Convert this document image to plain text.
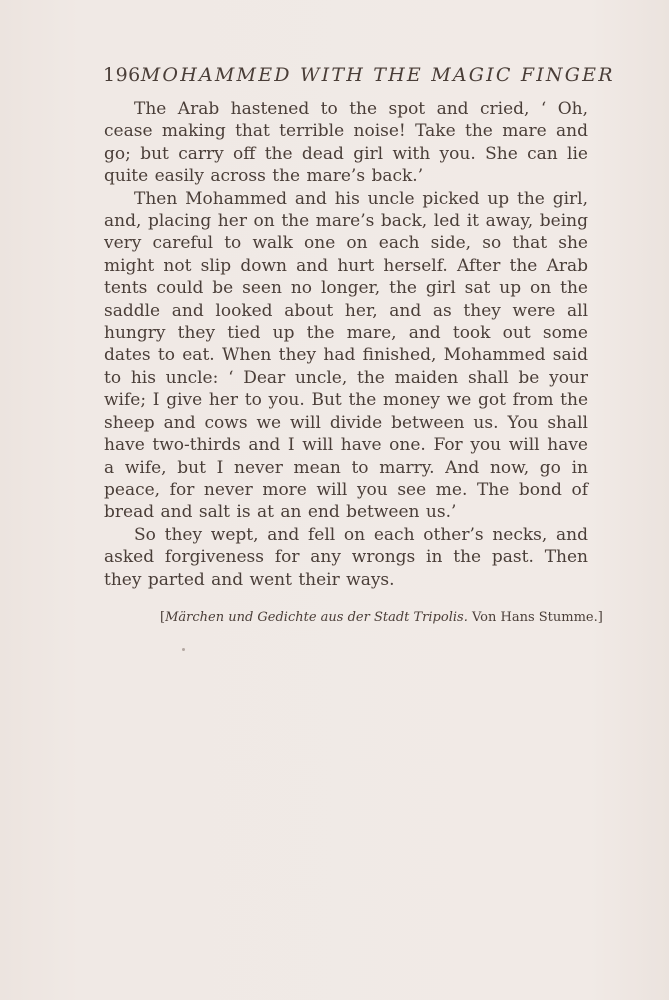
196 MOHAMMED WITH THE MAGIC FINGER

The Arab hastened to the spot and cried, ‘ Oh, cease making that terrible noise! Take the mare and go; but carry off the dead girl with you. She can lie quite easily across the mare’s back.’

Then Mohammed and his uncle picked up the girl, and, placing her on the mare’s back, led it away, being very careful to walk one on each side, so that she might not slip down and hurt herself. After the Arab tents could be seen no longer, the girl sat up on the saddle and looked about her, and as they were all hungry they tied up the mare, and took out some dates to eat. When they had finished, Mohammed said to his uncle: ‘ Dear uncle, the maiden shall be your wife; I give her to you. But the money we got from the sheep and cows we will divide between us. You shall have two-thirds and I will have one. For you will have a wife, but I never mean to marry. And now, go in peace, for never more will you see me. The bond of bread and salt is at an end between us.’

So they wept, and fell on each other’s necks, and asked forgiveness for any wrongs in the past. Then they parted and went their ways.

[Märchen und Gedichte aus der Stadt Tripolis. Von Hans Stumme.]
